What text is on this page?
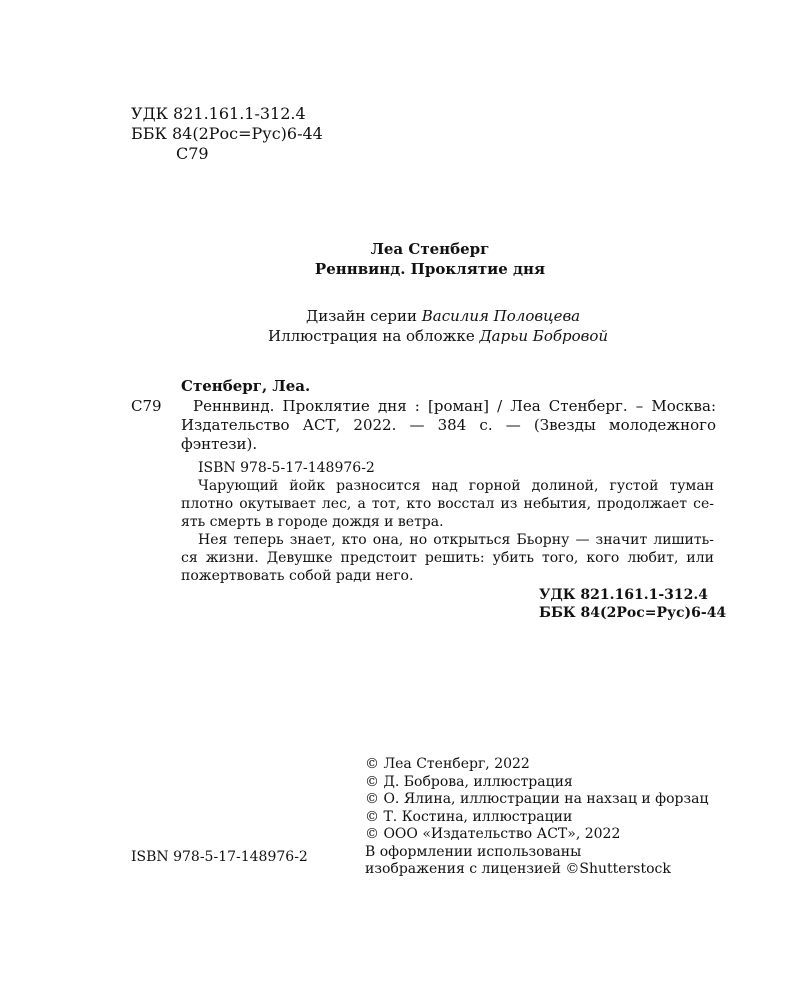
УДК 821.161.1-312.4
ББК 84(2Рос=Рус)6-44
С79
Леа Стенберг
Реннвинд. Проклятие дня
Дизайн серии Василия Половцева
Иллюстрация на обложке Дарьи Бобровой
Стенберг, Леа.
С79	Реннвинд. Проклятие дня : [роман] / Леа Стенберг. – Москва:
Издательство АСТ, 2022. — 384 с. — (Звезды молодежного
фэнтези).
ISBN 978-5-17-148976-2
Чарующий йойк разносится над горной долиной, густой туман
плотно окутывает лес, а тот, кто восстал из небытия, продолжает се-
ять смерть в городе дождя и ветра.
Нея теперь знает, кто она, но открыться Бьорну — значит лишить-
ся жизни. Девушке предстоит решить: убить того, кого любит, или
пожертвовать собой ради него.
УДК 821.161.1-312.4
ББК 84(2Рос=Рус)6-44
© Леа Стенберг, 2022
© Д. Боброва, иллюстрация
© О. Ялина, иллюстрации на нахзац и форзац
© Т. Костина, иллюстрации
© ООО «Издательство АСТ», 2022
В оформлении использованы
изображения с лицензией ©Shutterstock
ISBN 978-5-17-148976-2
